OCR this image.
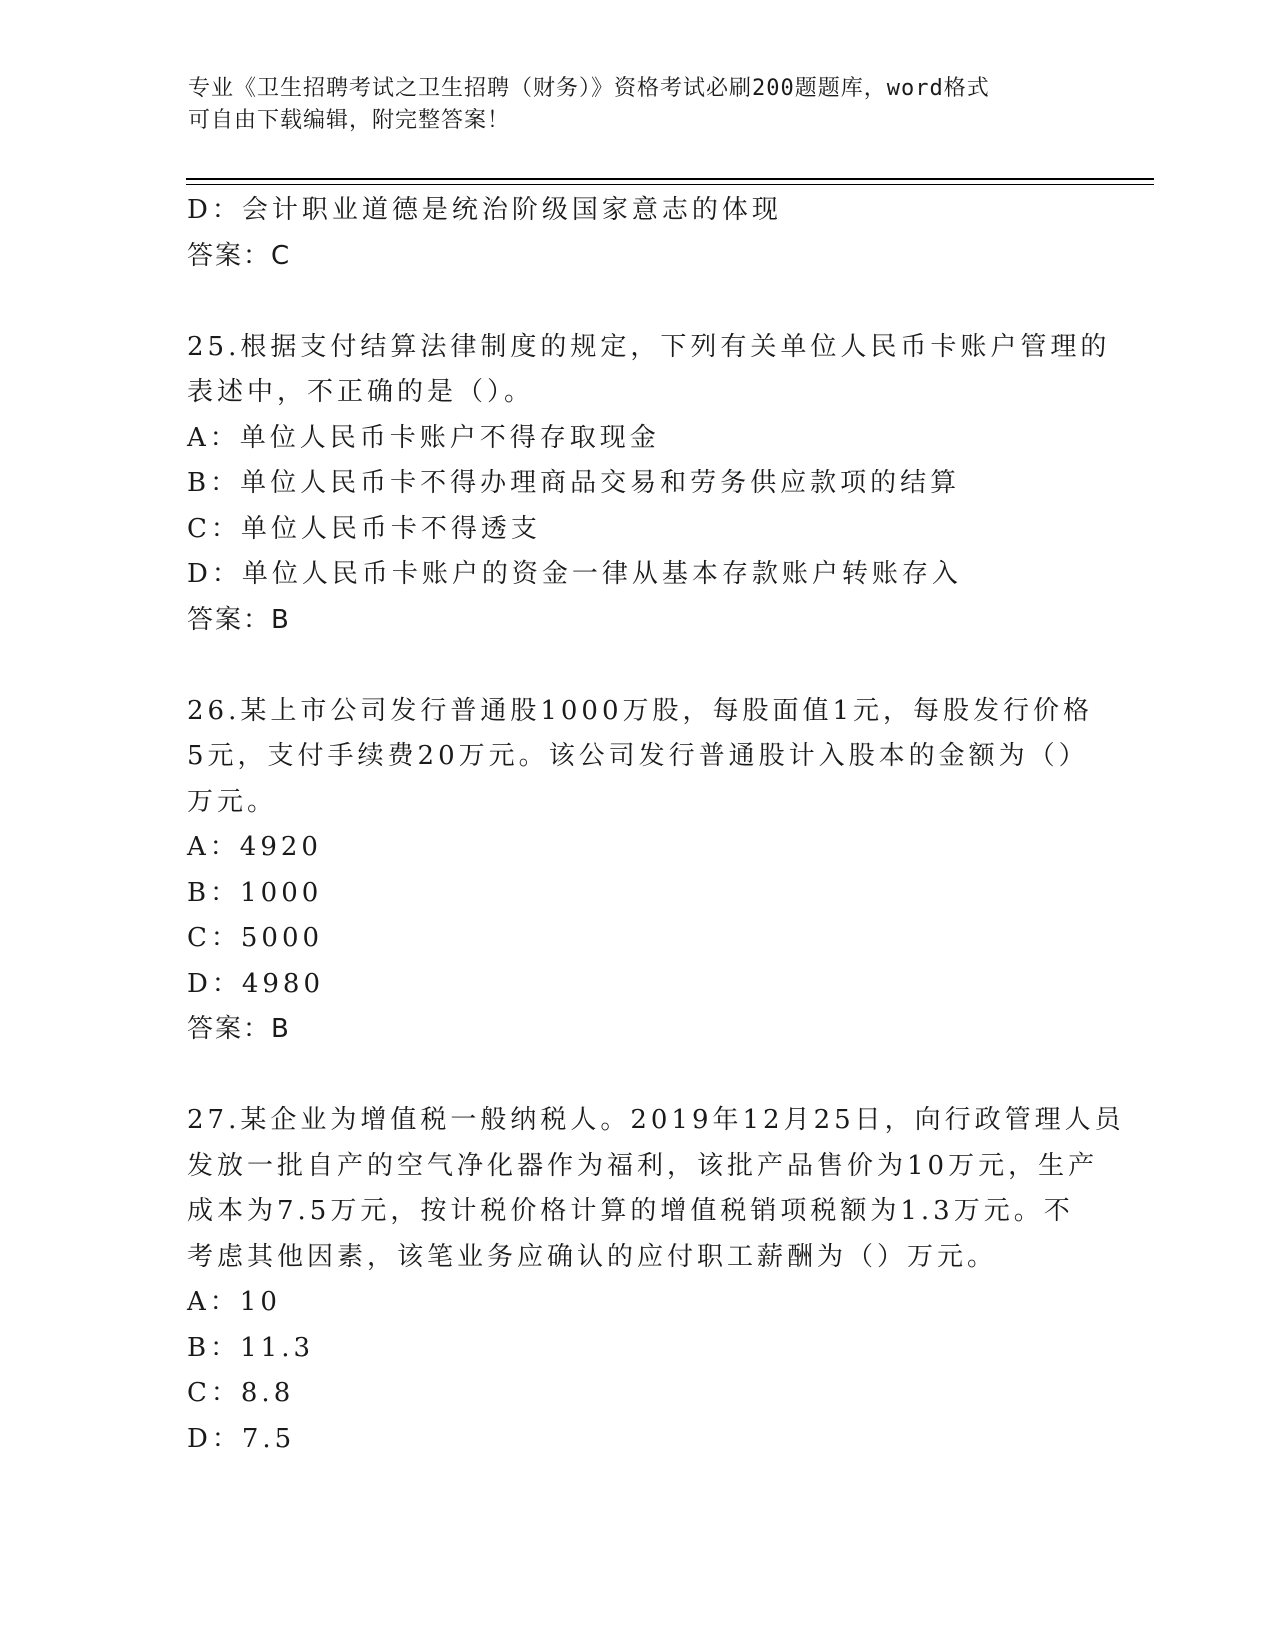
专业《卫生招聘考试之卫生招聘（财务）》资格考试必刷200题题库，word格式
可自由下载编辑，附完整答案！
D：会计职业道德是统治阶级国家意志的体现
答案：C
25.根据支付结算法律制度的规定，下列有关单位人民币卡账户管理的
表述中，不正确的是（）。
A：单位人民币卡账户不得存取现金
B：单位人民币卡不得办理商品交易和劳务供应款项的结算
C：单位人民币卡不得透支
D：单位人民币卡账户的资金一律从基本存款账户转账存入
答案：B
26.某上市公司发行普通股1000万股，每股面值1元，每股发行价格
5元，支付手续费20万元。该公司发行普通股计入股本的金额为（）
万元。
A：4920
B：1000
C：5000
D：4980
答案：B
27.某企业为增值税一般纳税人。2019年12月25日，向行政管理人员
发放一批自产的空气净化器作为福利，该批产品售价为10万元，生产
成本为7.5万元，按计税价格计算的增值税销项税额为1.3万元。不
考虑其他因素，该笔业务应确认的应付职工薪酬为（）万元。
A：10
B：11.3
C：8.8
D：7.5
